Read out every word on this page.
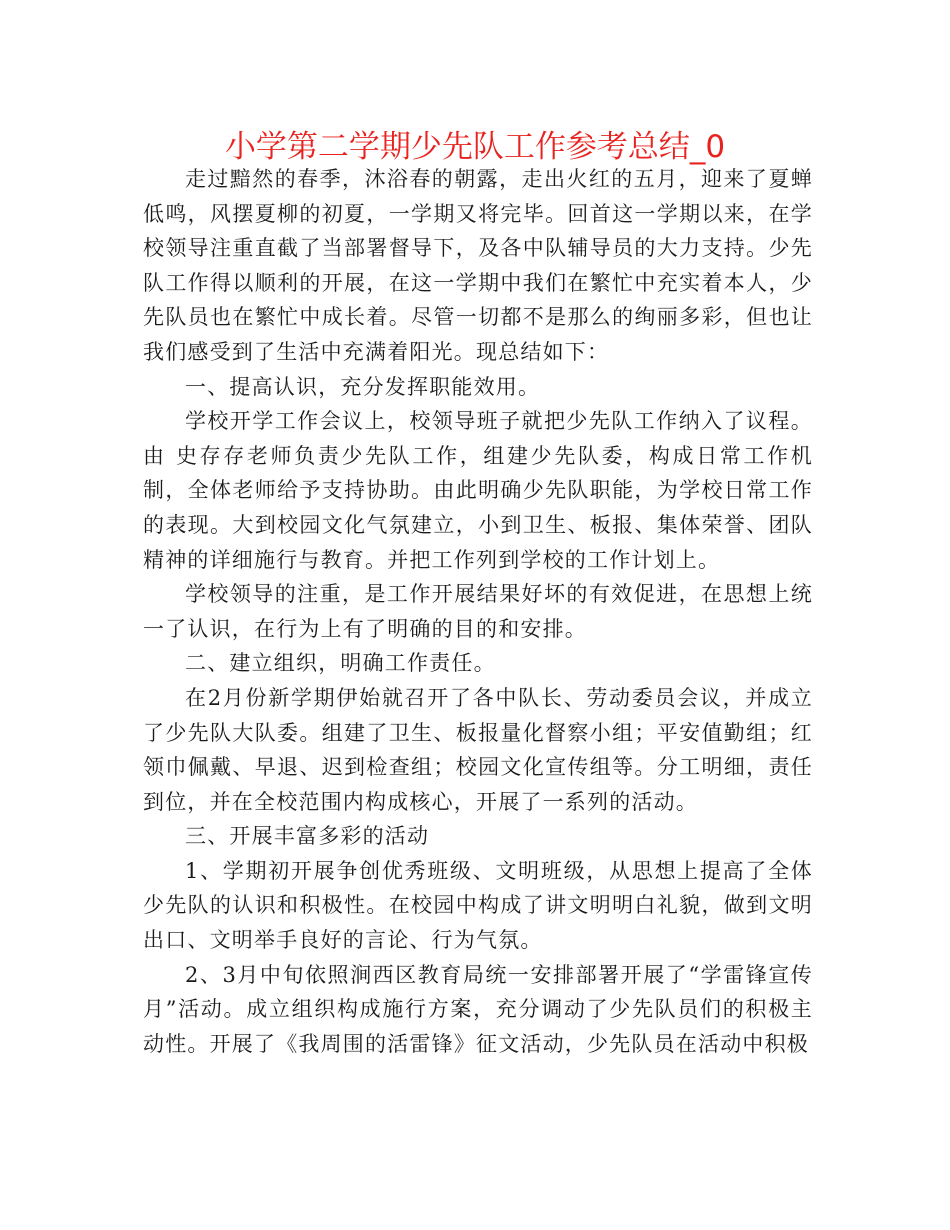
小学第二学期少先队工作参考总结_0

走过黯然的春季，沐浴春的朝露，走出火红的五月，迎来了夏蝉低鸣，风摆夏柳的初夏，一学期又将完毕。回首这一学期以来，在学校领导注重直截了当部署督导下，及各中队辅导员的大力支持。少先队工作得以顺利的开展，在这一学期中我们在繁忙中充实着本人，少先队员也在繁忙中成长着。尽管一切都不是那么的绚丽多彩，但也让我们感受到了生活中充满着阳光。现总结如下：

一、提高认识，充分发挥职能效用。

学校开学工作会议上，校领导班子就把少先队工作纳入了议程。由 史存存老师负责少先队工作，组建少先队委，构成日常工作机制，全体老师给予支持协助。由此明确少先队职能，为学校日常工作的表现。大到校园文化气氛建立，小到卫生、板报、集体荣誉、团队精神的详细施行与教育。并把工作列到学校的工作计划上。

学校领导的注重，是工作开展结果好坏的有效促进，在思想上统一了认识，在行为上有了明确的目的和安排。

二、建立组织，明确工作责任。

在2月份新学期伊始就召开了各中队长、劳动委员会议，并成立了少先队大队委。组建了卫生、板报量化督察小组；平安值勤组；红领巾佩戴、早退、迟到检查组；校园文化宣传组等。分工明细，责任到位，并在全校范围内构成核心，开展了一系列的活动。

三、开展丰富多彩的活动

1、学期初开展争创优秀班级、文明班级，从思想上提高了全体少先队的认识和积极性。在校园中构成了讲文明明白礼貌，做到文明出口、文明举手良好的言论、行为气氛。

2、3月中旬依照涧西区教育局统一安排部署开展了“学雷锋宣传月”活动。成立组织构成施行方案，充分调动了少先队员们的积极主动性。开展了《我周围的活雷锋》征文活动，少先队员在活动中积极
